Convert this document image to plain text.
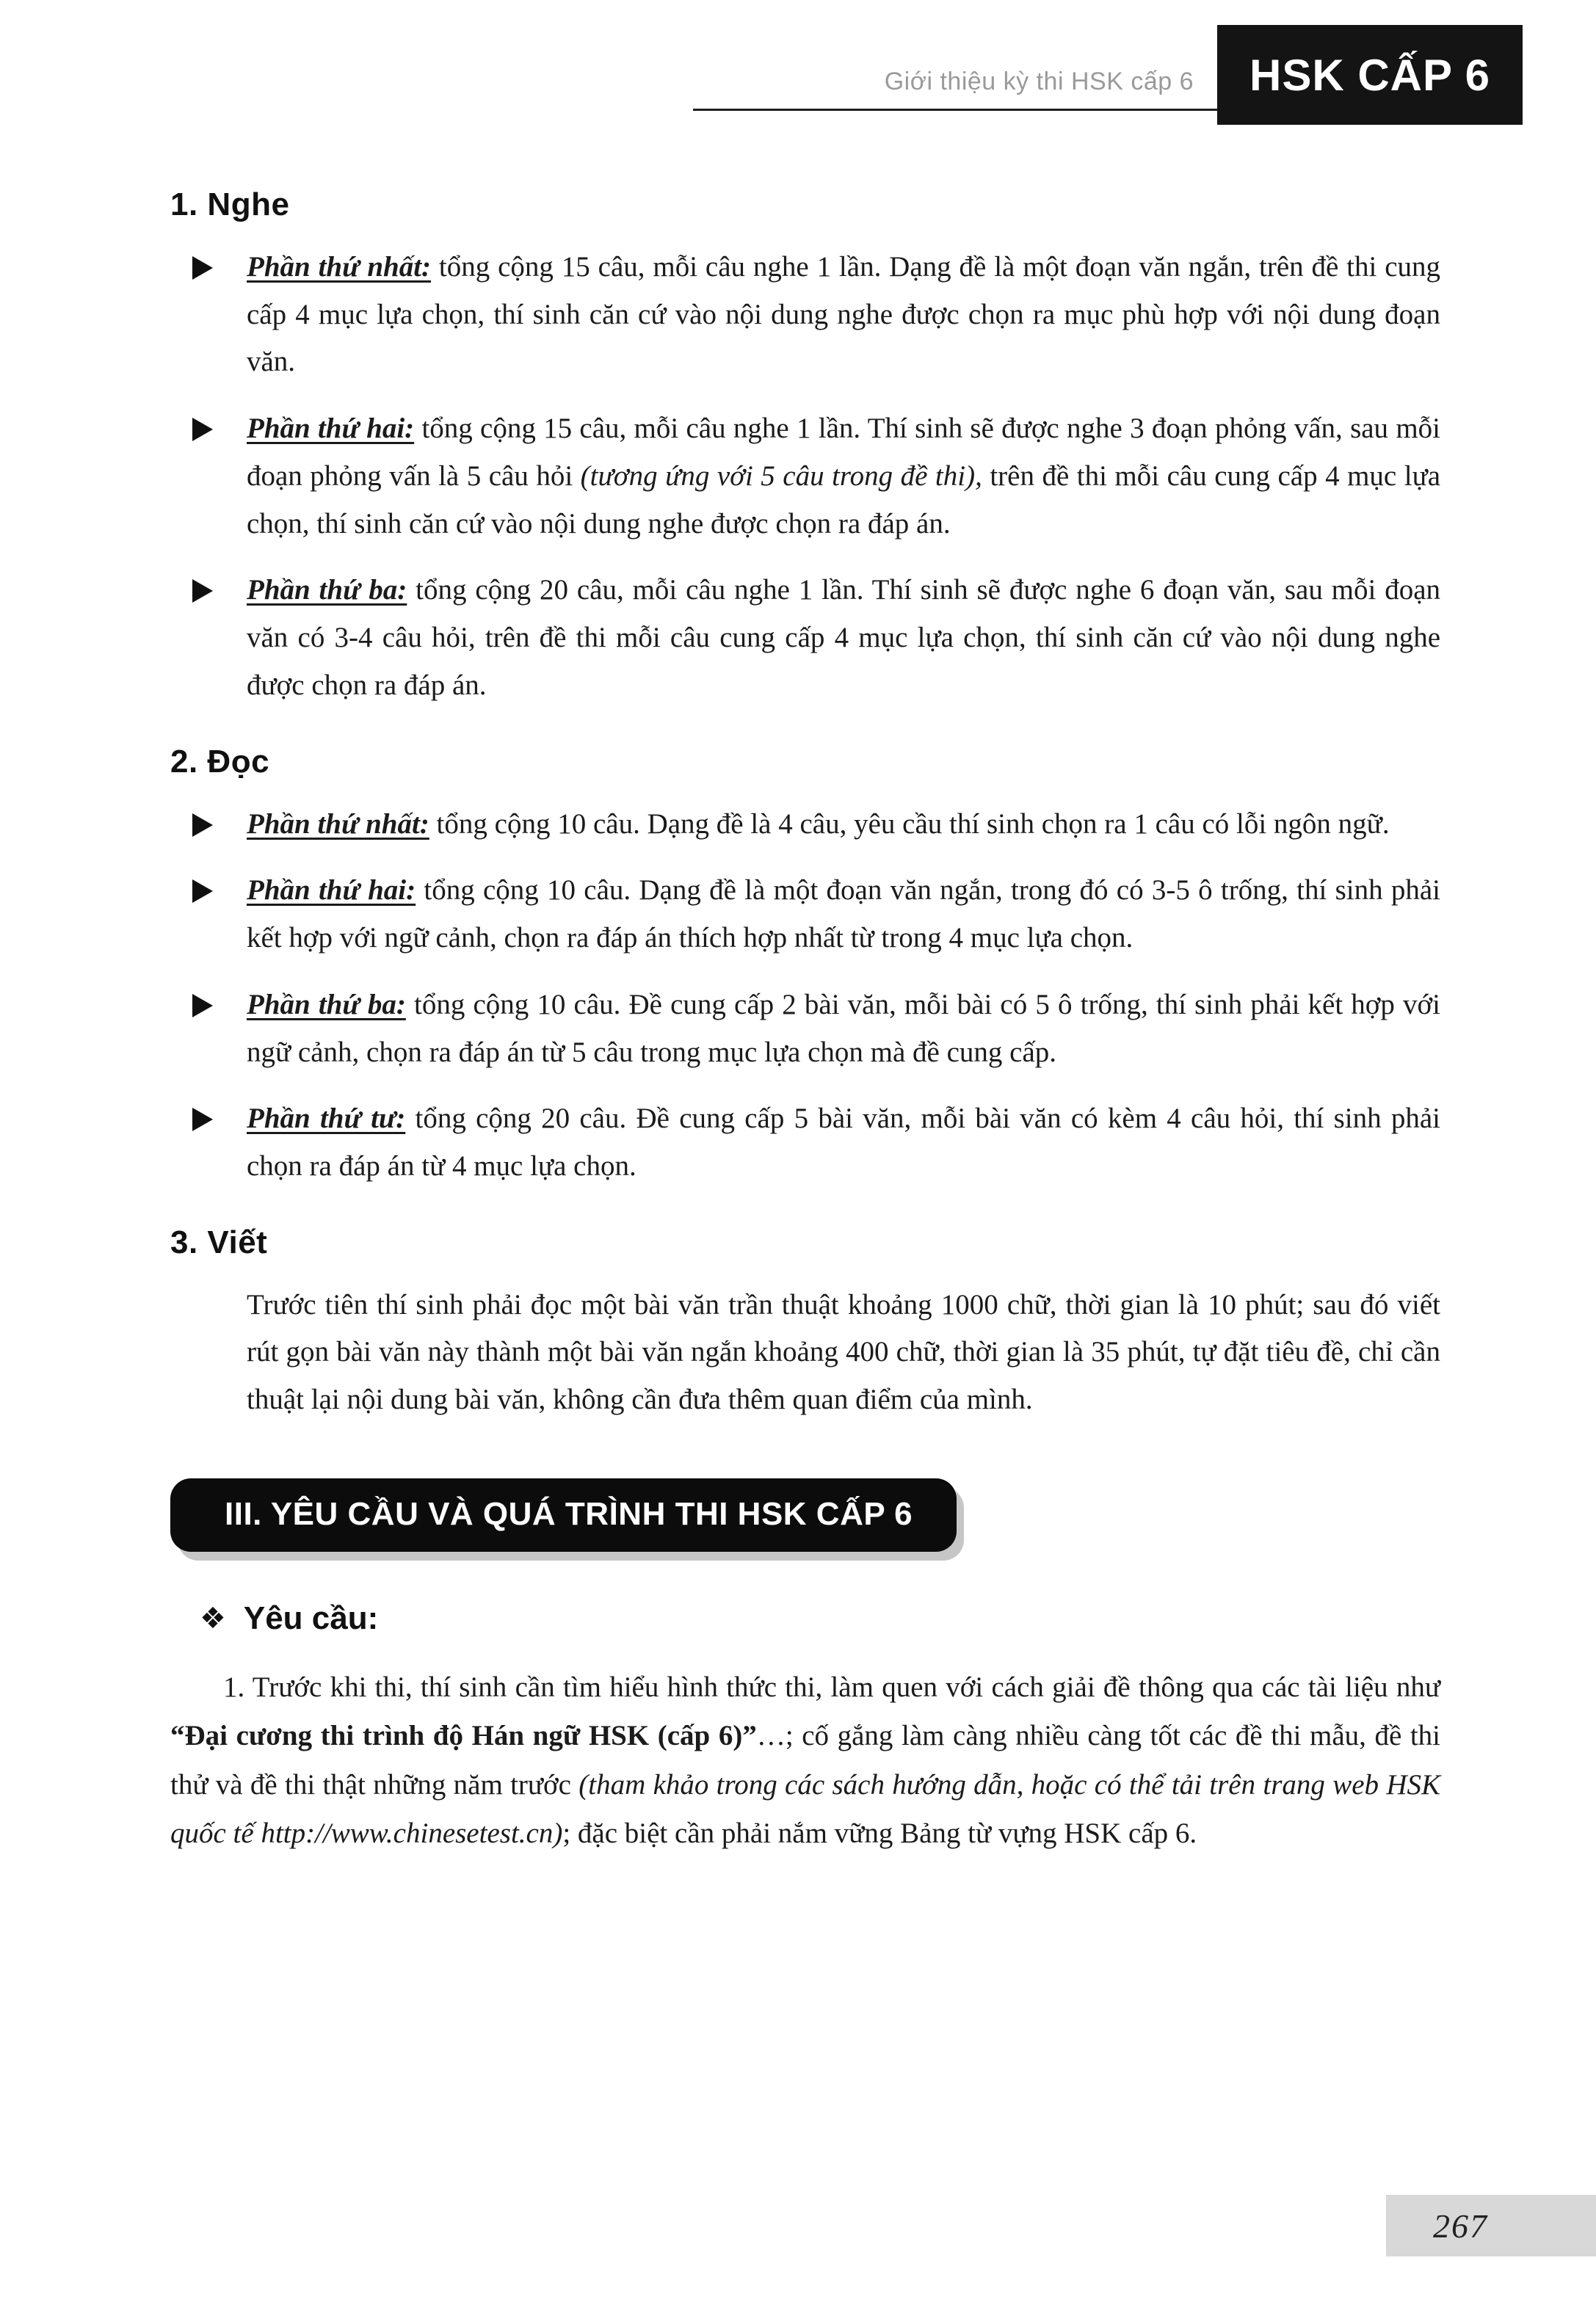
Giới thiệu kỳ thi HSK cấp 6	HSK CẤP 6
1. Nghe
Phần thứ nhất: tổng cộng 15 câu, mỗi câu nghe 1 lần. Dạng đề là một đoạn văn ngắn, trên đề thi cung cấp 4 mục lựa chọn, thí sinh căn cứ vào nội dung nghe được chọn ra mục phù hợp với nội dung đoạn văn.
Phần thứ hai: tổng cộng 15 câu, mỗi câu nghe 1 lần. Thí sinh sẽ được nghe 3 đoạn phỏng vấn, sau mỗi đoạn phỏng vấn là 5 câu hỏi (tương ứng với 5 câu trong đề thi), trên đề thi mỗi câu cung cấp 4 mục lựa chọn, thí sinh căn cứ vào nội dung nghe được chọn ra đáp án.
Phần thứ ba: tổng cộng 20 câu, mỗi câu nghe 1 lần. Thí sinh sẽ được nghe 6 đoạn văn, sau mỗi đoạn văn có 3-4 câu hỏi, trên đề thi mỗi câu cung cấp 4 mục lựa chọn, thí sinh căn cứ vào nội dung nghe được chọn ra đáp án.
2. Đọc
Phần thứ nhất: tổng cộng 10 câu. Dạng đề là 4 câu, yêu cầu thí sinh chọn ra 1 câu có lỗi ngôn ngữ.
Phần thứ hai: tổng cộng 10 câu. Dạng đề là một đoạn văn ngắn, trong đó có 3-5 ô trống, thí sinh phải kết hợp với ngữ cảnh, chọn ra đáp án thích hợp nhất từ trong 4 mục lựa chọn.
Phần thứ ba: tổng cộng 10 câu. Đề cung cấp 2 bài văn, mỗi bài có 5 ô trống, thí sinh phải kết hợp với ngữ cảnh, chọn ra đáp án từ 5 câu trong mục lựa chọn mà đề cung cấp.
Phần thứ tư: tổng cộng 20 câu. Đề cung cấp 5 bài văn, mỗi bài văn có kèm 4 câu hỏi, thí sinh phải chọn ra đáp án từ 4 mục lựa chọn.
3. Viết

Trước tiên thí sinh phải đọc một bài văn trần thuật khoảng 1000 chữ, thời gian là 10 phút; sau đó viết rút gọn bài văn này thành một bài văn ngắn khoảng 400 chữ, thời gian là 35 phút, tự đặt tiêu đề, chỉ cần thuật lại nội dung bài văn, không cần đưa thêm quan điểm của mình.

III. YÊU CẦU VÀ QUÁ TRÌNH THI HSK CẤP 6
❖ Yêu cầu:

1. Trước khi thi, thí sinh cần tìm hiểu hình thức thi, làm quen với cách giải đề thông qua các tài liệu như “Đại cương thi trình độ Hán ngữ HSK (cấp 6)”…; cố gắng làm càng nhiều càng tốt các đề thi mẫu, đề thi thử và đề thi thật những năm trước (tham khảo trong các sách hướng dẫn, hoặc có thể tải trên trang web HSK quốc tế http://www.chinesetest.cn); đặc biệt cần phải nắm vững Bảng từ vựng HSK cấp 6.

267
